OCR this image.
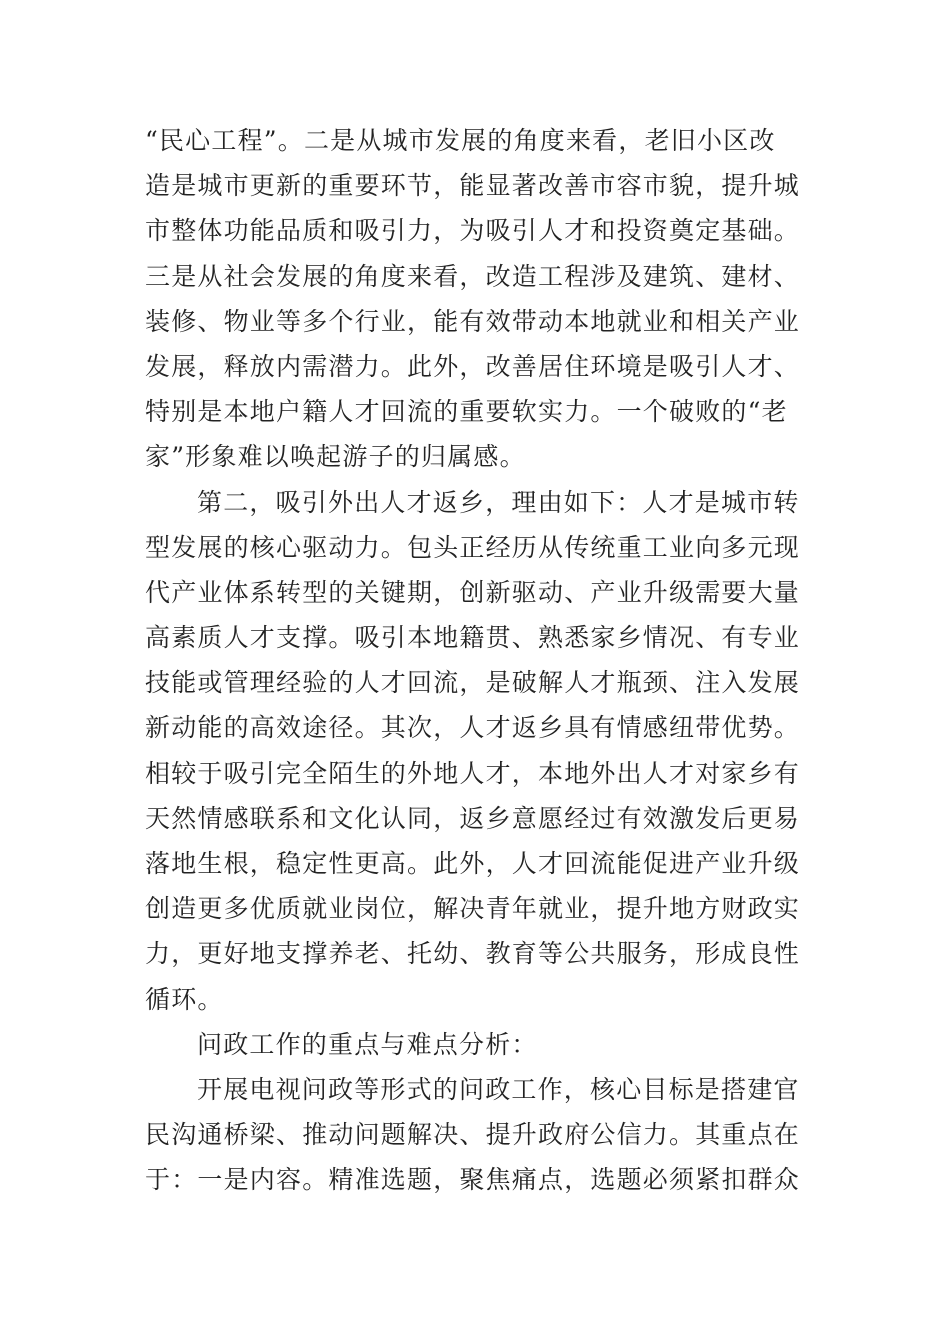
“民心工程”。二是从城市发展的角度来看，老旧小区改
造是城市更新的重要环节，能显著改善市容市貌，提升城
市整体功能品质和吸引力，为吸引人才和投资奠定基础。
三是从社会发展的角度来看，改造工程涉及建筑、建材、
装修、物业等多个行业，能有效带动本地就业和相关产业
发展，释放内需潜力。此外，改善居住环境是吸引人才、
特别是本地户籍人才回流的重要软实力。一个破败的“老
家”形象难以唤起游子的归属感。
第二，吸引外出人才返乡，理由如下：人才是城市转
型发展的核心驱动力。包头正经历从传统重工业向多元现
代产业体系转型的关键期，创新驱动、产业升级需要大量
高素质人才支撑。吸引本地籍贯、熟悉家乡情况、有专业
技能或管理经验的人才回流，是破解人才瓶颈、注入发展
新动能的高效途径。其次，人才返乡具有情感纽带优势。
相较于吸引完全陌生的外地人才，本地外出人才对家乡有
天然情感联系和文化认同，返乡意愿经过有效激发后更易
落地生根，稳定性更高。此外，人才回流能促进产业升级
创造更多优质就业岗位，解决青年就业，提升地方财政实
力，更好地支撑养老、托幼、教育等公共服务，形成良性
循环。
问政工作的重点与难点分析：
开展电视问政等形式的问政工作，核心目标是搭建官
民沟通桥梁、推动问题解决、提升政府公信力。其重点在
于：一是内容。精准选题，聚焦痛点，选题必须紧扣群众
